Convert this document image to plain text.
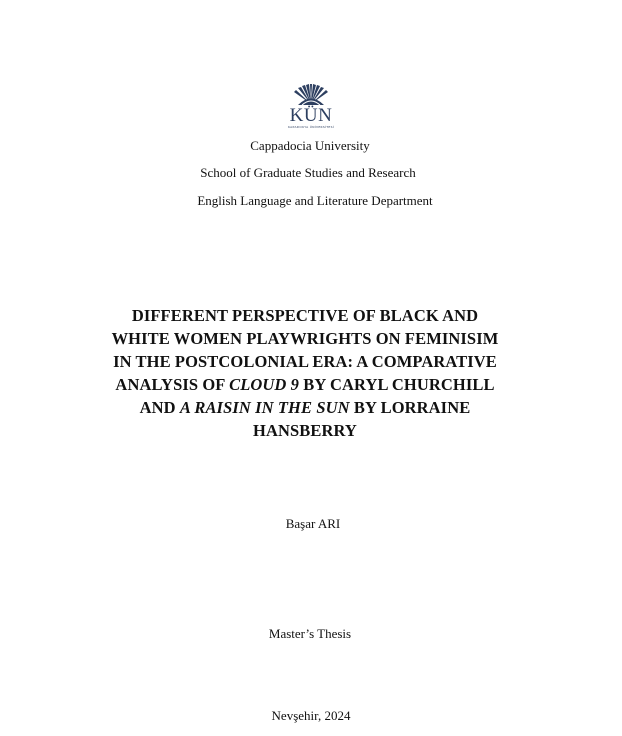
KÜN
KAPADOKYA ÜNİVERSİTESİ
Cappadocia University
School of Graduate Studies and Research
English Language and Literature Department
DIFFERENT PERSPECTIVE OF BLACK AND
WHITE WOMEN PLAYWRIGHTS ON FEMINISIM
IN THE POSTCOLONIAL ERA: A COMPARATIVE
ANALYSIS OF CLOUD 9 BY CARYL CHURCHILL
AND A RAISIN IN THE SUN BY LORRAINE
HANSBERRY
Başar ARI
Master’s Thesis
Nevşehir, 2024
